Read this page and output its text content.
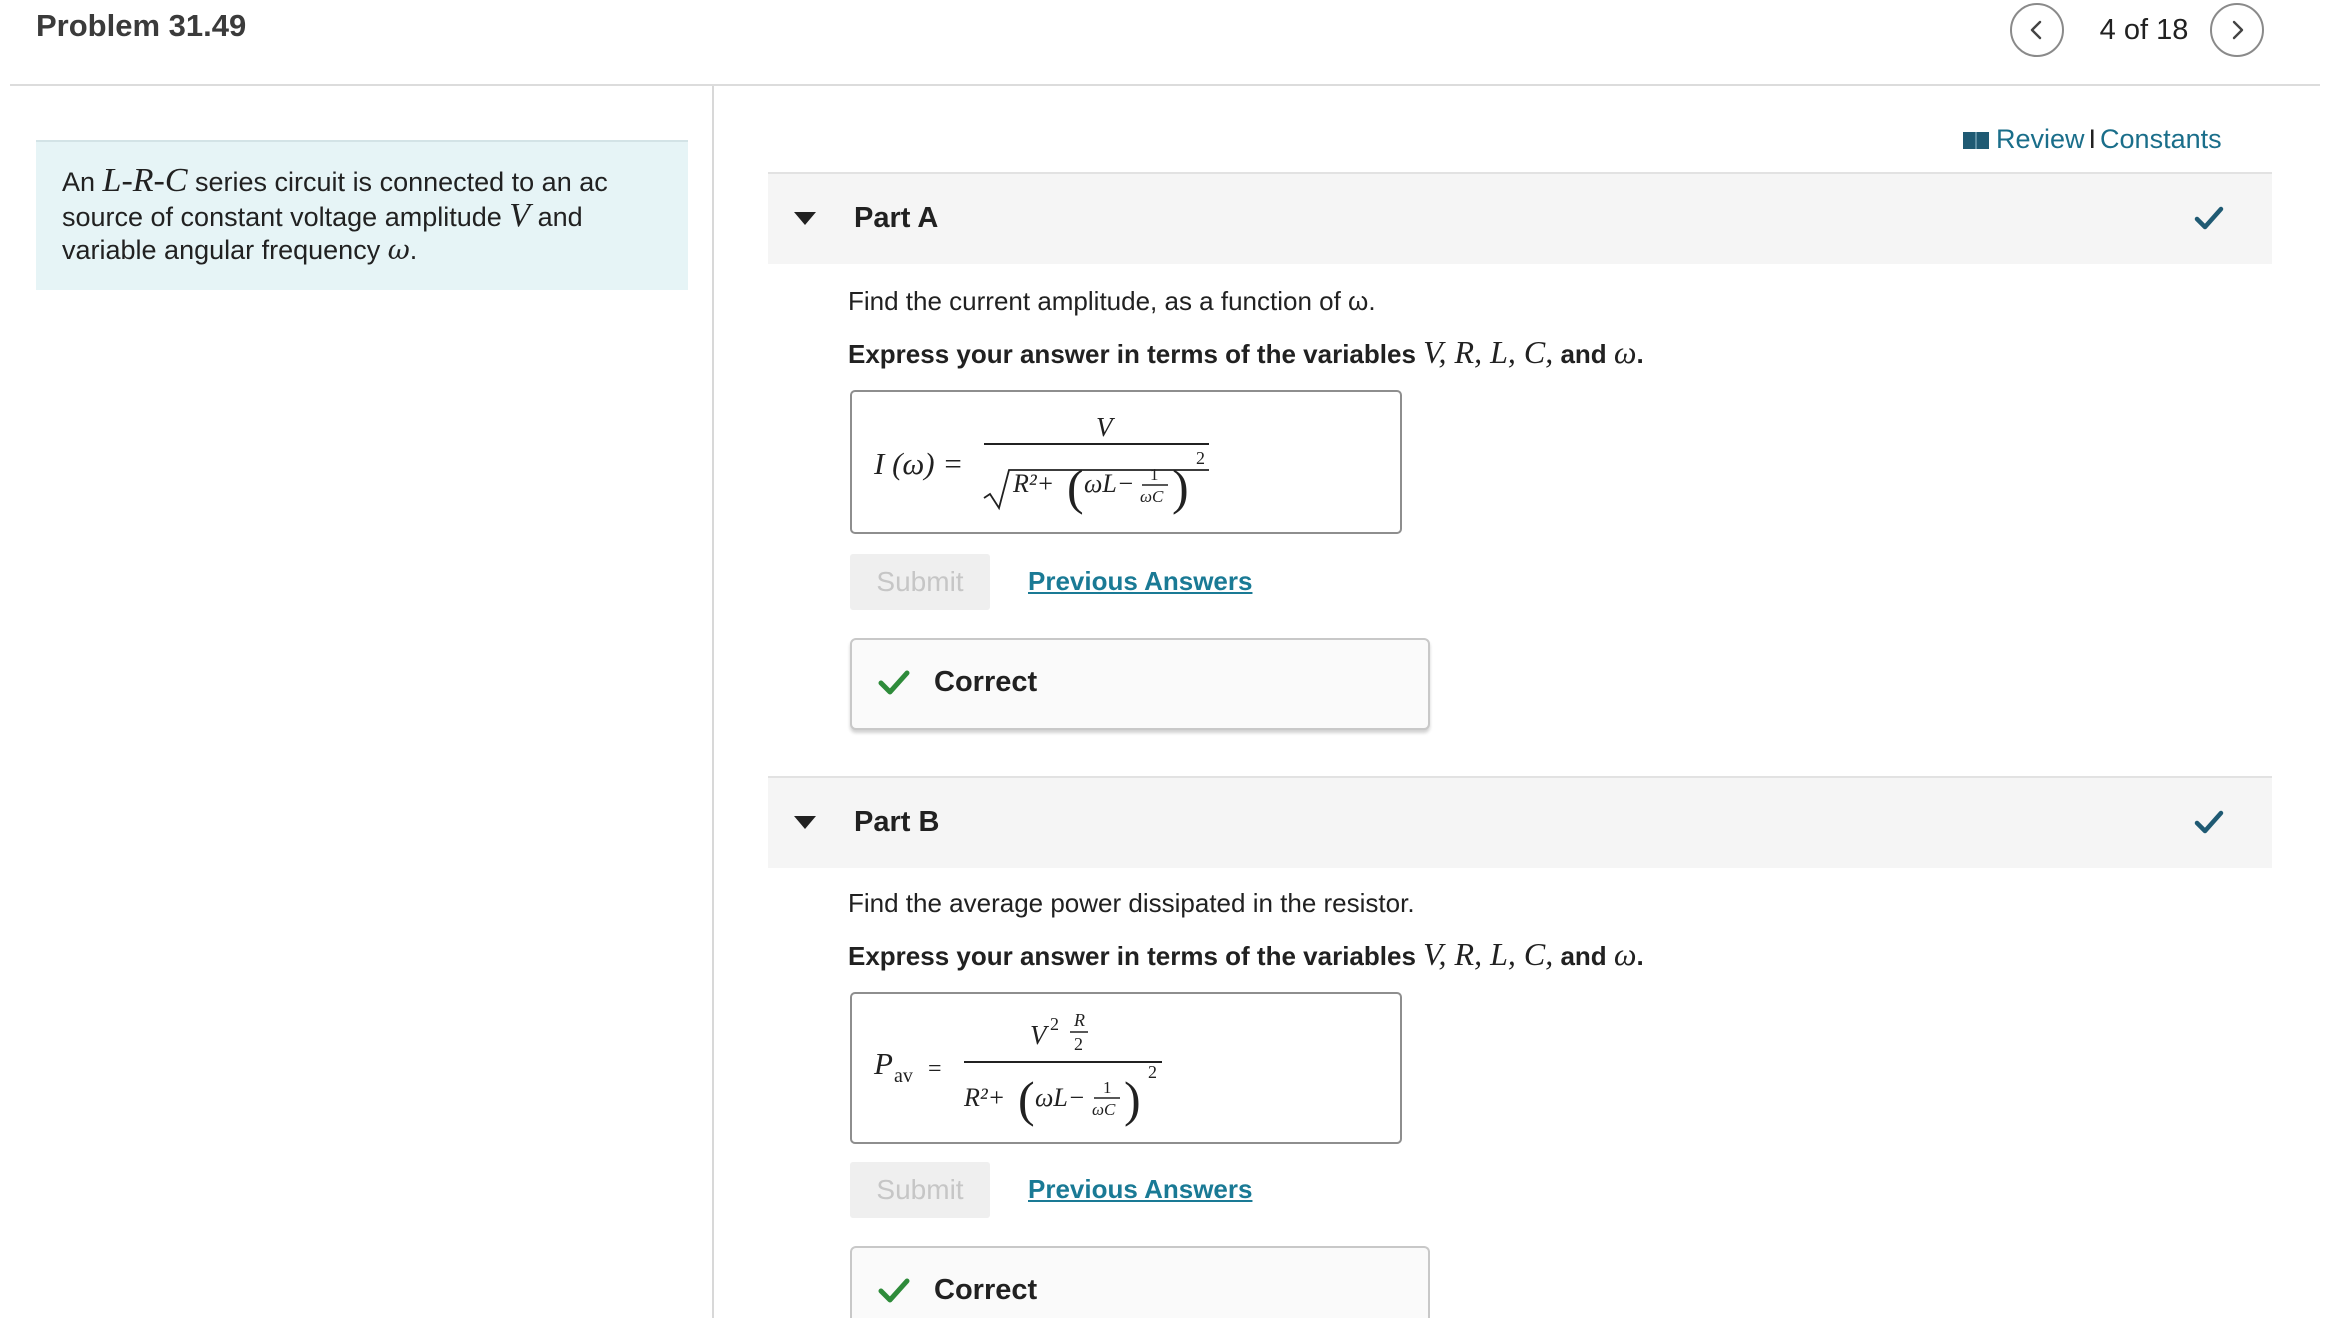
Problem 31.49	4 of 18
An L-R-C series circuit is connected to an ac
source of constant voltage amplitude V and
variable angular frequency ω.
Review I Constants
Part A
Find the current amplitude, as a function of ω.
Express your answer in terms of the variables V, R, L, C, and ω.
I (ω) =
V
R²+ ( ωL− 1
ωC )
2
Submit	Previous Answers
Correct
Part B
Find the average power dissipated in the resistor.
Express your answer in terms of the variables V, R, L, C, and ω.
P av =
V 2 R
2
R²+ ( ωL− 1
ωC ) 2
Submit	Previous Answers
Correct
